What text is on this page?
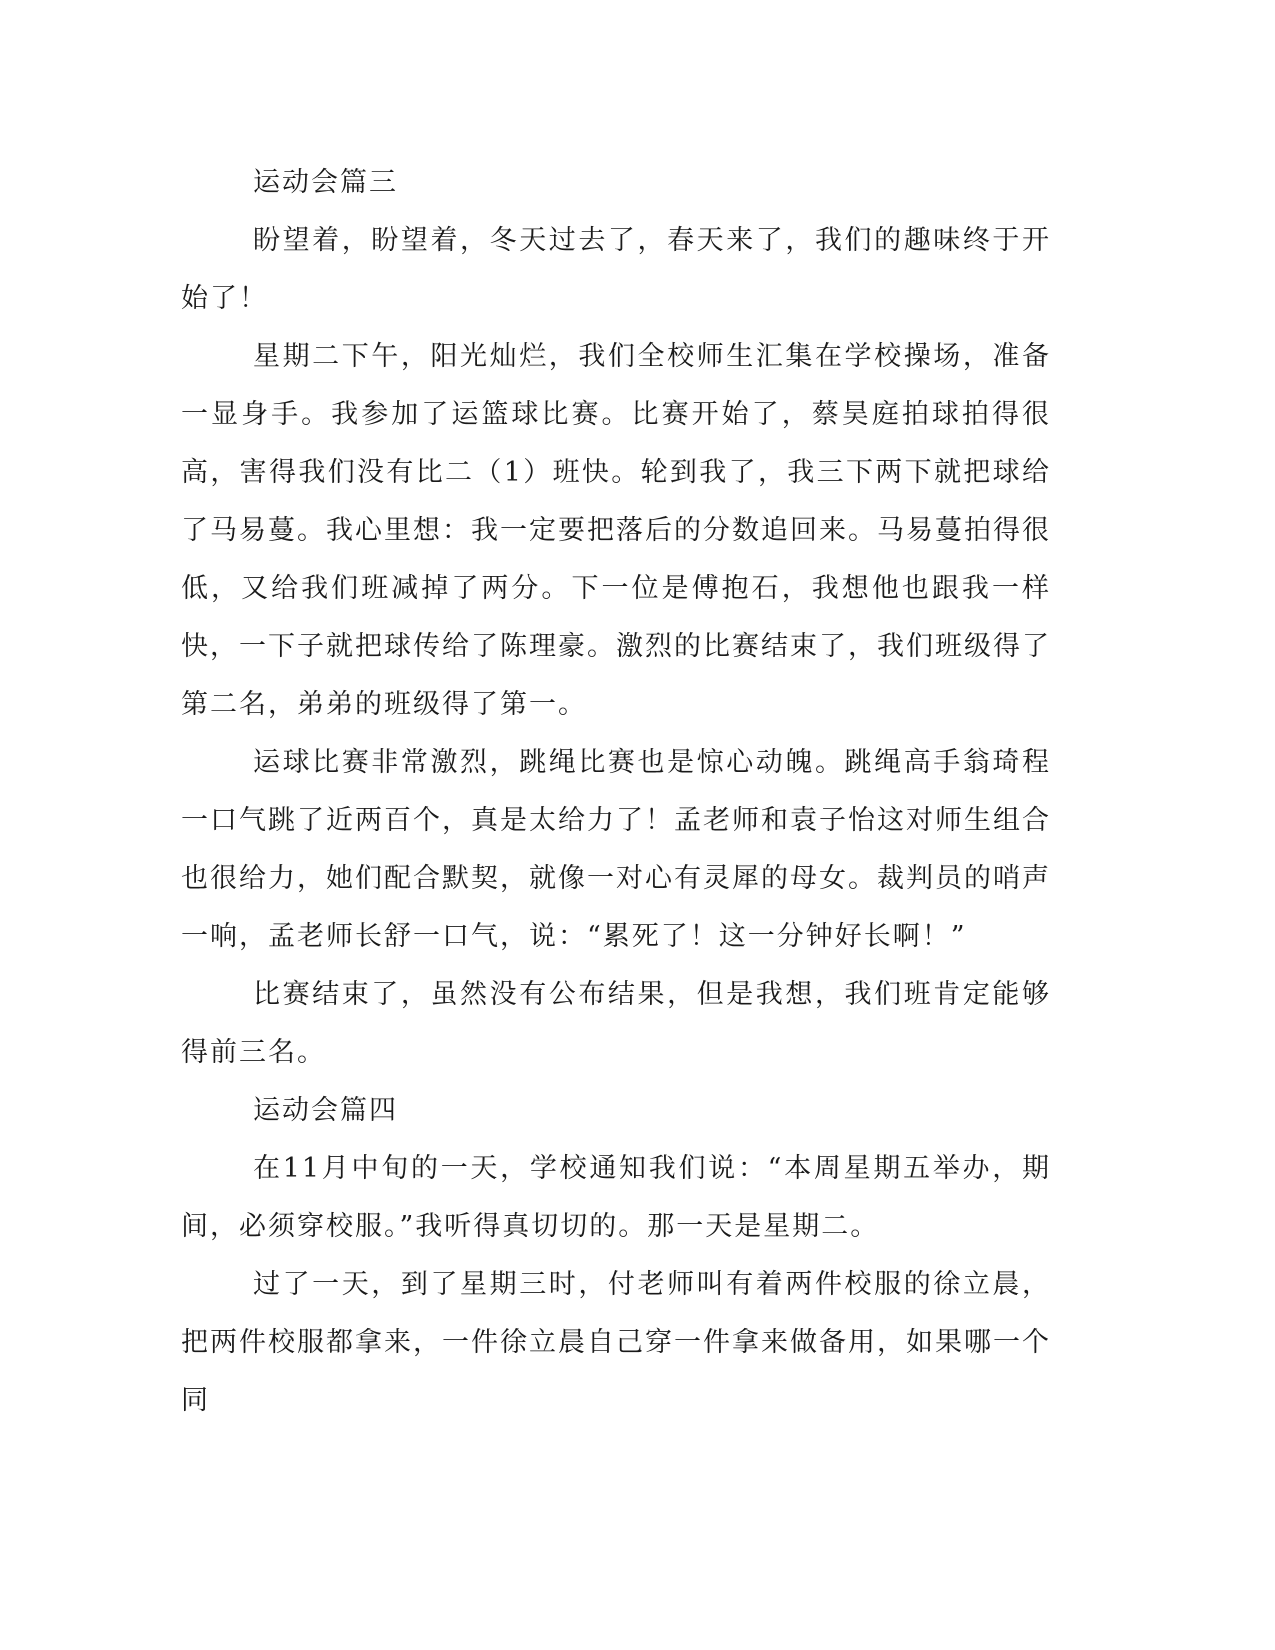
运动会篇三

盼望着，盼望着，冬天过去了，春天来了，我们的趣味终于开始了！

星期二下午，阳光灿烂，我们全校师生汇集在学校操场，准备一显身手。我参加了运篮球比赛。比赛开始了，蔡昊庭拍球拍得很高，害得我们没有比二（1）班快。轮到我了，我三下两下就把球给了马易蔓。我心里想：我一定要把落后的分数追回来。马易蔓拍得很低，又给我们班减掉了两分。下一位是傅抱石，我想他也跟我一样快，一下子就把球传给了陈理豪。激烈的比赛结束了，我们班级得了第二名，弟弟的班级得了第一。

运球比赛非常激烈，跳绳比赛也是惊心动魄。跳绳高手翁琦程一口气跳了近两百个，真是太给力了！孟老师和袁子怡这对师生组合也很给力，她们配合默契，就像一对心有灵犀的母女。裁判员的哨声一响，孟老师长舒一口气，说：“累死了！这一分钟好长啊！”

比赛结束了，虽然没有公布结果，但是我想，我们班肯定能够得前三名。

运动会篇四

在11月中旬的一天，学校通知我们说：“本周星期五举办，期间，必须穿校服。”我听得真切切的。那一天是星期二。

过了一天，到了星期三时，付老师叫有着两件校服的徐立晨，把两件校服都拿来，一件徐立晨自己穿一件拿来做备用，如果哪一个同
